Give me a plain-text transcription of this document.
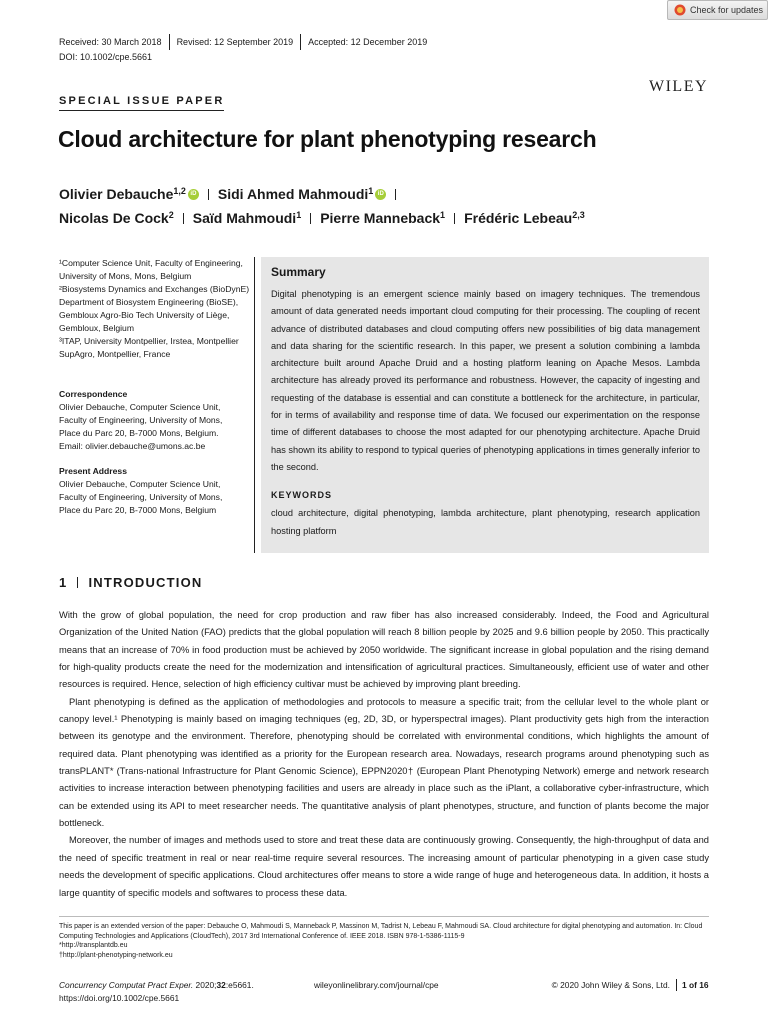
Check for updates
Received: 30 March 2018 Revised: 12 September 2019 Accepted: 12 December 2019
DOI: 10.1002/cpe.5661
WILEY
SPECIAL ISSUE PAPER
Cloud architecture for plant phenotyping research
Olivier Debauche$^{1,2}$ iD Sidi Ahmed Mahmoudi$^1$ iD
Nicolas De Cock$^2$ Saïd Mahmoudi$^1$ Pierre Manneback$^1$ Frédéric Lebeau$^{2,3}$
¹Computer Science Unit, Faculty of Engineering, University of Mons, Mons, Belgium
²Biosystems Dynamics and Exchanges (BioDynE) Department of Biosystem Engineering (BioSE), Gembloux Agro-Bio Tech University of Liège, Gembloux, Belgium
³ITAP, University Montpellier, Irstea, Montpellier SupAgro, Montpellier, France
Correspondence
Olivier Debauche, Computer Science Unit,
Faculty of Engineering, University of Mons,
Place du Parc 20, B-7000 Mons, Belgium.
Email: olivier.debauche@umons.ac.be
Present Address
Olivier Debauche, Computer Science Unit,
Faculty of Engineering, University of Mons,
Place du Parc 20, B-7000 Mons, Belgium
Summary

Digital phenotyping is an emergent science mainly based on imagery techniques. The tremendous amount of data generated needs important cloud computing for their processing. The coupling of recent advance of distributed databases and cloud computing offers new possibilities of big data management and data sharing for the scientific research. In this paper, we present a solution combining a lambda architecture built around Apache Druid and a hosting platform leaning on Apache Mesos. Lambda architecture has already proved its performance and robustness. However, the capacity of ingesting and requesting of the database is essential and can constitute a bottleneck for the architecture, in particular, for in terms of availability and response time of data. We focused our experimentation on the response time of different databases to choose the most adapted for our phenotyping architecture. Apache Druid has shown its ability to respond to typical queries of phenotyping applications in times generally inferior to the second.

KEYWORDS
cloud architecture, digital phenotyping, lambda architecture, plant phenotyping, research application hosting platform
1 INTRODUCTION

With the grow of global population, the need for crop production and raw fiber has also increased considerably. Indeed, the Food and Agricultural Organization of the United Nation (FAO) predicts that the global population will reach 8 billion people by 2025 and 9.6 billion people by 2050. This practically means that an increase of 70% in food production must be achieved by 2050 worldwide. The significant increase in global population and the rising demand for high-quality products create the need for the modernization and intensification of agricultural practices. Simultaneously, efficient use of water and other resources is required. Hence, selection of high efficiency cultivar must be achieved by improving plant breeding.

Plant phenotyping is defined as the application of methodologies and protocols to measure a specific trait; from the cellular level to the whole plant or canopy level.¹ Phenotyping is mainly based on imaging techniques (eg, 2D, 3D, or hyperspectral images). Plant productivity gets high from the interaction between its genotype and the environment. Therefore, phenotyping should be correlated with environmental conditions, which highlights the amount of required data. Plant phenotyping was identified as a priority for the European research area. Nowadays, research programs around phenotyping such as transPLANT* (Trans-national Infrastructure for Plant Genomic Science), EPPN2020† (European Plant Phenotyping Network) emerge and network research activities to increase interaction between phenotyping facilities and users are already in place such as the iPlant, a collaborative cyber-infrastructure, which can be extended using its API to meet researcher needs. The quantitative analysis of plant phenotypes, structure, and function of plants become the major bottleneck.

Moreover, the number of images and methods used to store and treat these data are continuously growing. Consequently, the high-throughput of data and the need of specific treatment in real or near real-time require several resources. The increasing amount of particular phenotyping in a given case study needs the development of specific applications. Cloud architectures offer means to store a wide range of huge and heterogeneous data. In addition, it hosts a large quantity of specific models and softwares to process these data.

This paper is an extended version of the paper: Debauche O, Mahmoudi S, Manneback P, Massinon M, Tadrist N, Lebeau F, Mahmoudi SA. Cloud architecture for digital phenotyping and automation. In: Cloud Computing Technologies and Applications (CloudTech), 2017 3rd International Conference of. IEEE 2018. ISBN 978-1-5386-1115-9
*http://transplantdb.eu
†http://plant-phenotyping-network.eu
Concurrency Computat Pract Exper. 2020;32:e5661.	wileyonlinelibrary.com/journal/cpe	© 2020 John Wiley & Sons, Ltd. 1 of 16
https://doi.org/10.1002/cpe.5661
